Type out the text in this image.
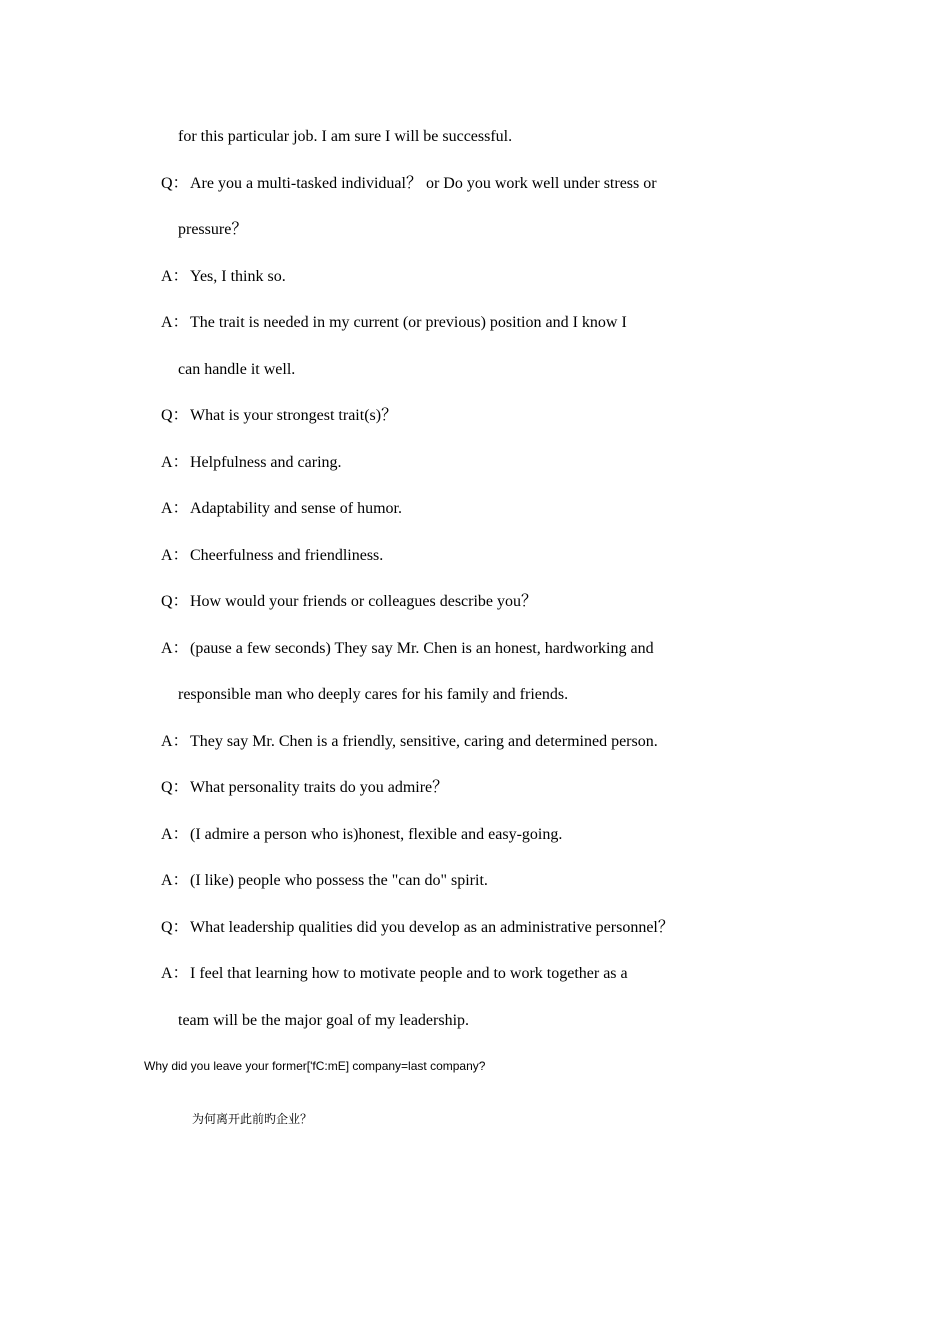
for this particular job. I am sure I will be successful.
Q：Are you a multi-tasked individual？ or Do you work well under stress or
pressure？
A：Yes, I think so.
A：The trait is needed in my current (or previous) position and I know I
can handle it well.
Q：What is your strongest trait(s)？
A：Helpfulness and caring.
A：Adaptability and sense of humor.
A：Cheerfulness and friendliness.
Q：How would your friends or colleagues describe you？
A：(pause a few seconds) They say Mr. Chen is an honest, hardworking and
responsible man who deeply cares for his family and friends.
A：They say Mr. Chen is a friendly, sensitive, caring and determined person.
Q：What personality traits do you admire？
A：(I admire a person who is)honest, flexible and easy-going.
A：(I like) people who possess the "can do" spirit.
Q：What leadership qualities did you develop as an administrative personnel？
A：I feel that learning how to motivate people and to work together as a
team will be the major goal of my leadership.
Why did you leave your former['fC:mE] company=last company?
为何离开此前旳企业？
